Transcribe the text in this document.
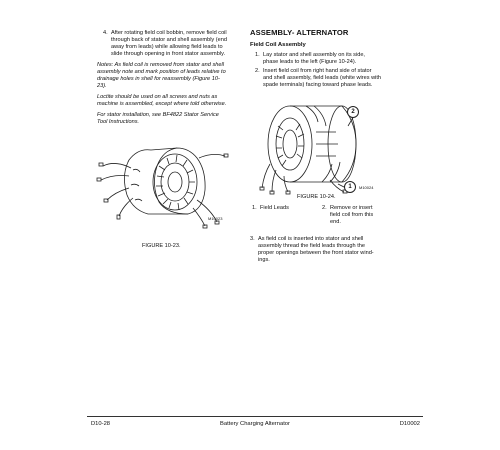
4. After rotating field coil bobbin, remove field coil
through back of stator and shell assembly (end
away from leads) while allowing field leads to
slide through opening in front stator assembly.
Notes: As field coil is removed from stator and shell
assembly note and mark position of leads relative to
drainage holes in shell for reassembly (Figure 10-
23).
Loctite should be used on all screws and nuts as
machine is assembled, except where told otherwise.
For stator installation, see BF4822 Stator Service
Tool Instructions.
M10023
FIGURE 10-23.
ASSEMBLY- ALTERNATOR
Field Coil Assembly
1. Lay stator and shell assembly on its side,
phase leads to the left (Figure 10-24).
2. Insert field coil from right hand side of stator
and shell assembly, field leads (white wires with
spade terminals) facing toward phase leads.
2
1	M10024
FIGURE 10-24.
1. Field Leads	2. Remove or insert
field coil from this
end.
3. As field coil is inserted into stator and shell
assembly thread the field leads through the
proper openings between the front stator wind-
ings.
D10-28	Battery Charging Alternator	D10002
